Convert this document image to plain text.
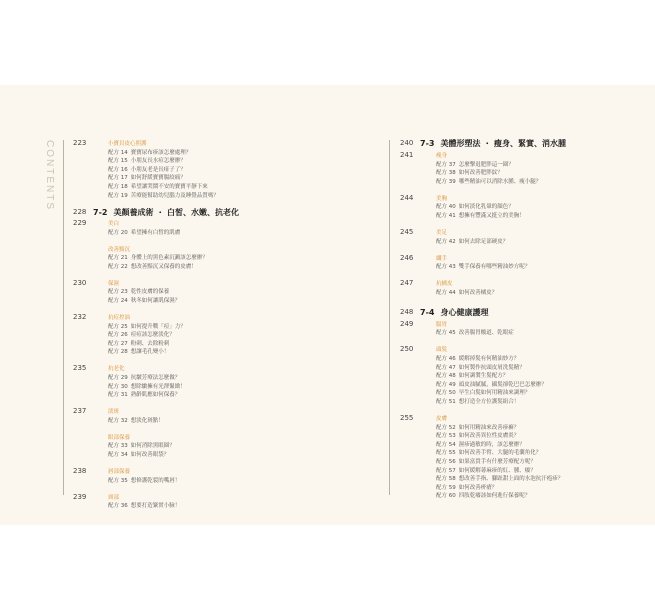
CONTENTS	223	小寶貝皮心照護
配方 14 寶寶尿布疹該怎麼處理？
配方 15 小朋友長水痘怎麼辦？
配方 16 小朋友老是長痱子了？
配方 17 如何舒緩寶寶腸絞痛？
配方 18 希望讓哭鬧不安的寶寶平靜下來
配方 19 苦療能幫助幼兒腦力及睡覺品質嗎？
228 7-2 美顏養成術 ・ 白皙、水嫩、抗老化
229	美白
配方 20 希望擁有白皙的肌膚
改善黯沉
配方 21 身體上的黑色素沉澱該怎麼辦？
配方 22 想改善黯沉又保養的皮膚！
230	保濕
配方 23 乾性皮膚的保養
配方 24 秋冬如何讓肌保濕？
232	抗痘控油
配方 25 如何提升戰「痘」力？
配方 26 痘痘該怎麼淡化？
配方 27 粉刺、去除粉刺
配方 28 想讓毛孔變小！
235	抗老化
配方 29 抗皺芳療法怎麼做？
配方 30 想除皺擁有光澤緊緻！
配方 31 熟齡肌應如何保養？
237	淡斑
配方 32 想淡化斑點！
眼部保養
配方 33 如何消除黑眼圈？
配方 34 如何改善眼袋？
238	唇部保養
配方 35 想修護乾裂的嘴唇！
239	頸部
配方 36 想要打造緊實小臉！
240 7-3 美體形塑法 ・ 瘦身、緊實、消水腫
241	瘦身
配方 37 怎麼擊退肥胖這一圈？
配方 38 如何改善肥胖紋？
配方 39 哪些精油可以消除水腫、瘦小腿？
244	美胸
配方 40 如何淡化乳暈的顏色？
配方 41 想擁有豐滿又挺立的美胸！
245	美足
配方 42 如何去除足部硬皮？
246	纖手
配方 43 雙手保養有哪些精油妙方呢？
247	抗橘皮
配方 44 如何改善橘皮？
248 7-4 身心健康護理
249	腸胃
配方 45 改善腸胃酸道、乾眼症
250	頭髮
配方 46 緩解掉髮有何精油妙方？
配方 47 如何製作抗頭皮屑洗髮精？
配方 48 如何調製生髮配方？
配方 49 頭皮油膩膩，攝髮卻乾巴巴怎麼辦？
配方 50 早生白髮如何用精油來調理？
配方 51 想打造全方位護髮組合！
255	皮膚
配方 52 如何用精油來改善疹癬？
配方 53 如何改善異位性皮膚炎？
配方 54 濕疹過敏的時，該怎麼辦？
配方 55 如何改善手臂、大腿的毛囊角化？
配方 56 如果富貴手有什麼芳療配方呢？
配方 57 如何緩解蕁麻疹的紅、腫、癢？
配方 58 想改善手指、腳趾甜上面的水泡抗汗疱疹？
配方 59 如何改善疥瘡？
配方 60 四肢乾癢該如何進行保養呢？
